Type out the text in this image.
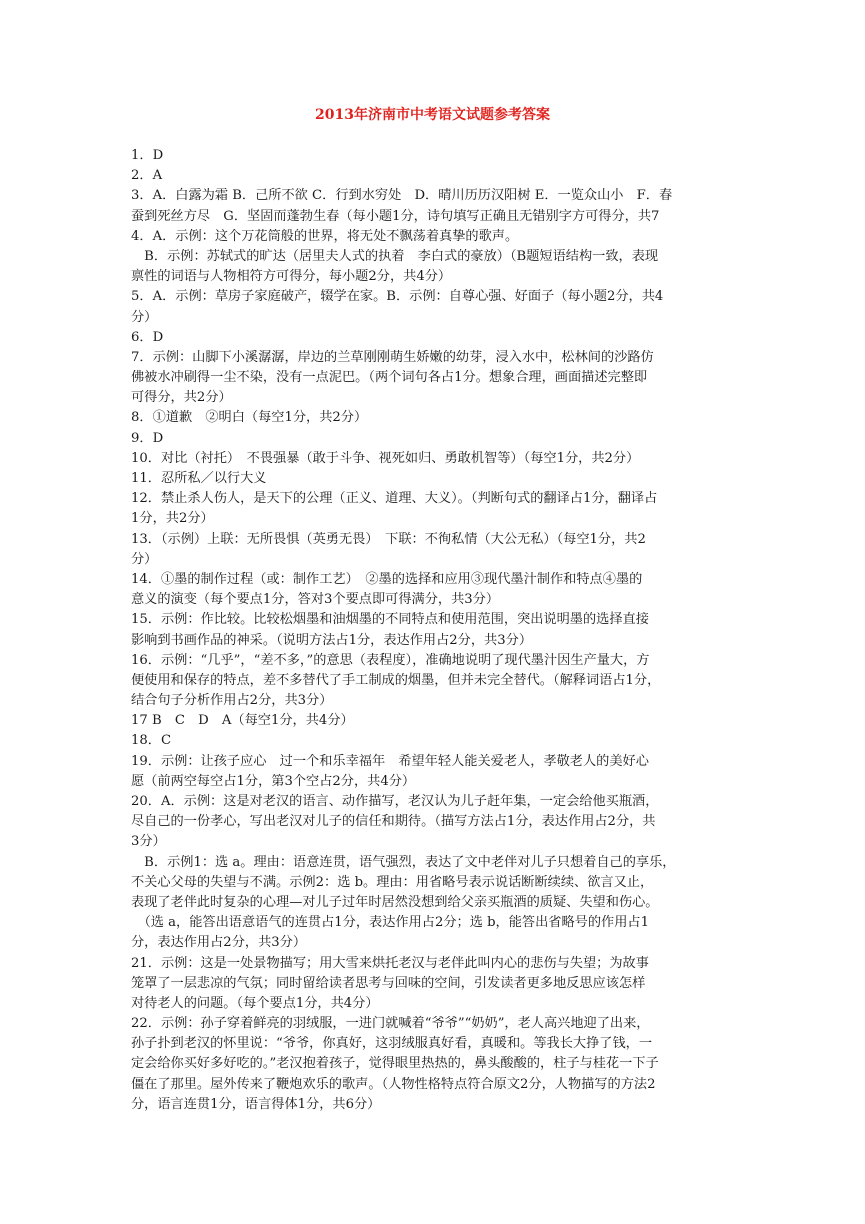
2013年济南市中考语文试题参考答案
1．D
2．A
3．A．白露为霜 B．己所不欲 C．行到水穷处　D．晴川历历汉阳树 E．一览众山小　F．春
蚕到死丝方尽　G．坚固而蓬勃生春（每小题1分，诗句填写正确且无错别字方可得分，共7
4．A．示例：这个万花筒般的世界，将无处不飘荡着真挚的歌声。
　B．示例：苏轼式的旷达（居里夫人式的执着　李白式的豪放）（B题短语结构一致，表现
禀性的词语与人物相符方可得分，每小题2分，共4分）
5．A．示例：草房子家庭破产，辍学在家。B．示例：自尊心强、好面子（每小题2分，共4
分）
6．D
7．示例：山脚下小溪潺潺，岸边的兰草刚刚萌生娇嫩的幼芽，浸入水中，松林间的沙路仿
佛被水冲刷得一尘不染，没有一点泥巴。（两个词句各占1分。想象合理，画面描述完整即
可得分，共2分）
8．①道歉　②明白（每空1分，共2分）
9．D
10．对比（衬托）　不畏强暴（敢于斗争、视死如归、勇敢机智等）（每空1分，共2分）
11．忍所私／以行大义
12．禁止杀人伤人，是天下的公理（正义、道理、大义）。（判断句式的翻译占1分，翻译占
1分，共2分）
13．（示例）上联：无所畏惧（英勇无畏）　下联：不徇私情（大公无私）（每空1分，共2
分）
14．①墨的制作过程（或：制作工艺）　②墨的选择和应用③现代墨汁制作和特点④墨的
意义的演变（每个要点1分，答对3个要点即可得满分，共3分）
15．示例：作比较。比较松烟墨和油烟墨的不同特点和使用范围，突出说明墨的选择直接
影响到书画作品的神采。（说明方法占1分，表达作用占2分，共3分）
16．示例：“几乎”，“差不多，”的意思（表程度），准确地说明了现代墨汁因生产量大，方
便使用和保存的特点，差不多替代了手工制成的烟墨，但并未完全替代。（解释词语占1分，
结合句子分析作用占2分，共3分）
17 B　C　D　A（每空1分，共4分）
18．C
19．示例：让孩子应心　过一个和乐幸福年　希望年轻人能关爱老人，孝敬老人的美好心
愿（前两空每空占1分，第3个空占2分，共4分）
20．A．示例：这是对老汉的语言、动作描写，老汉认为儿子赶年集，一定会给他买瓶酒，
尽自己的一份孝心，写出老汉对儿子的信任和期待。（描写方法占1分，表达作用占2分，共
3分）
　B．示例1：选 a。理由：语意连贯，语气强烈，表达了文中老伴对儿子只想着自己的享乐，
不关心父母的失望与不满。示例2：选 b。理由：用省略号表示说话断断续续、欲言又止，
表现了老伴此时复杂的心理—对儿子过年时居然没想到给父亲买瓶酒的质疑、失望和伤心。
　（选 a，能答出语意语气的连贯占1分，表达作用占2分；选 b，能答出省略号的作用占1
分，表达作用占2分，共3分）
21．示例：这是一处景物描写；用大雪来烘托老汉与老伴此叫内心的悲伤与失望；为故事
笼罩了一层悲凉的气氛；同时留给读者思考与回味的空间，引发读者更多地反思应该怎样
对待老人的问题。（每个要点1分，共4分）
22．示例：孙子穿着鲜亮的羽绒服，一进门就喊着“爷爷”“奶奶”，老人高兴地迎了出来，
孙子扑到老汉的怀里说：“爷爷，你真好，这羽绒服真好看，真暖和。等我长大挣了钱，一
定会给你买好多好吃的。”老汉抱着孩子，觉得眼里热热的，鼻头酸酸的，柱子与桂花一下子
僵在了那里。屋外传来了鞭炮欢乐的歌声。（人物性格特点符合原文2分，人物描写的方法2
分，语言连贯1分，语言得体1分，共6分）
